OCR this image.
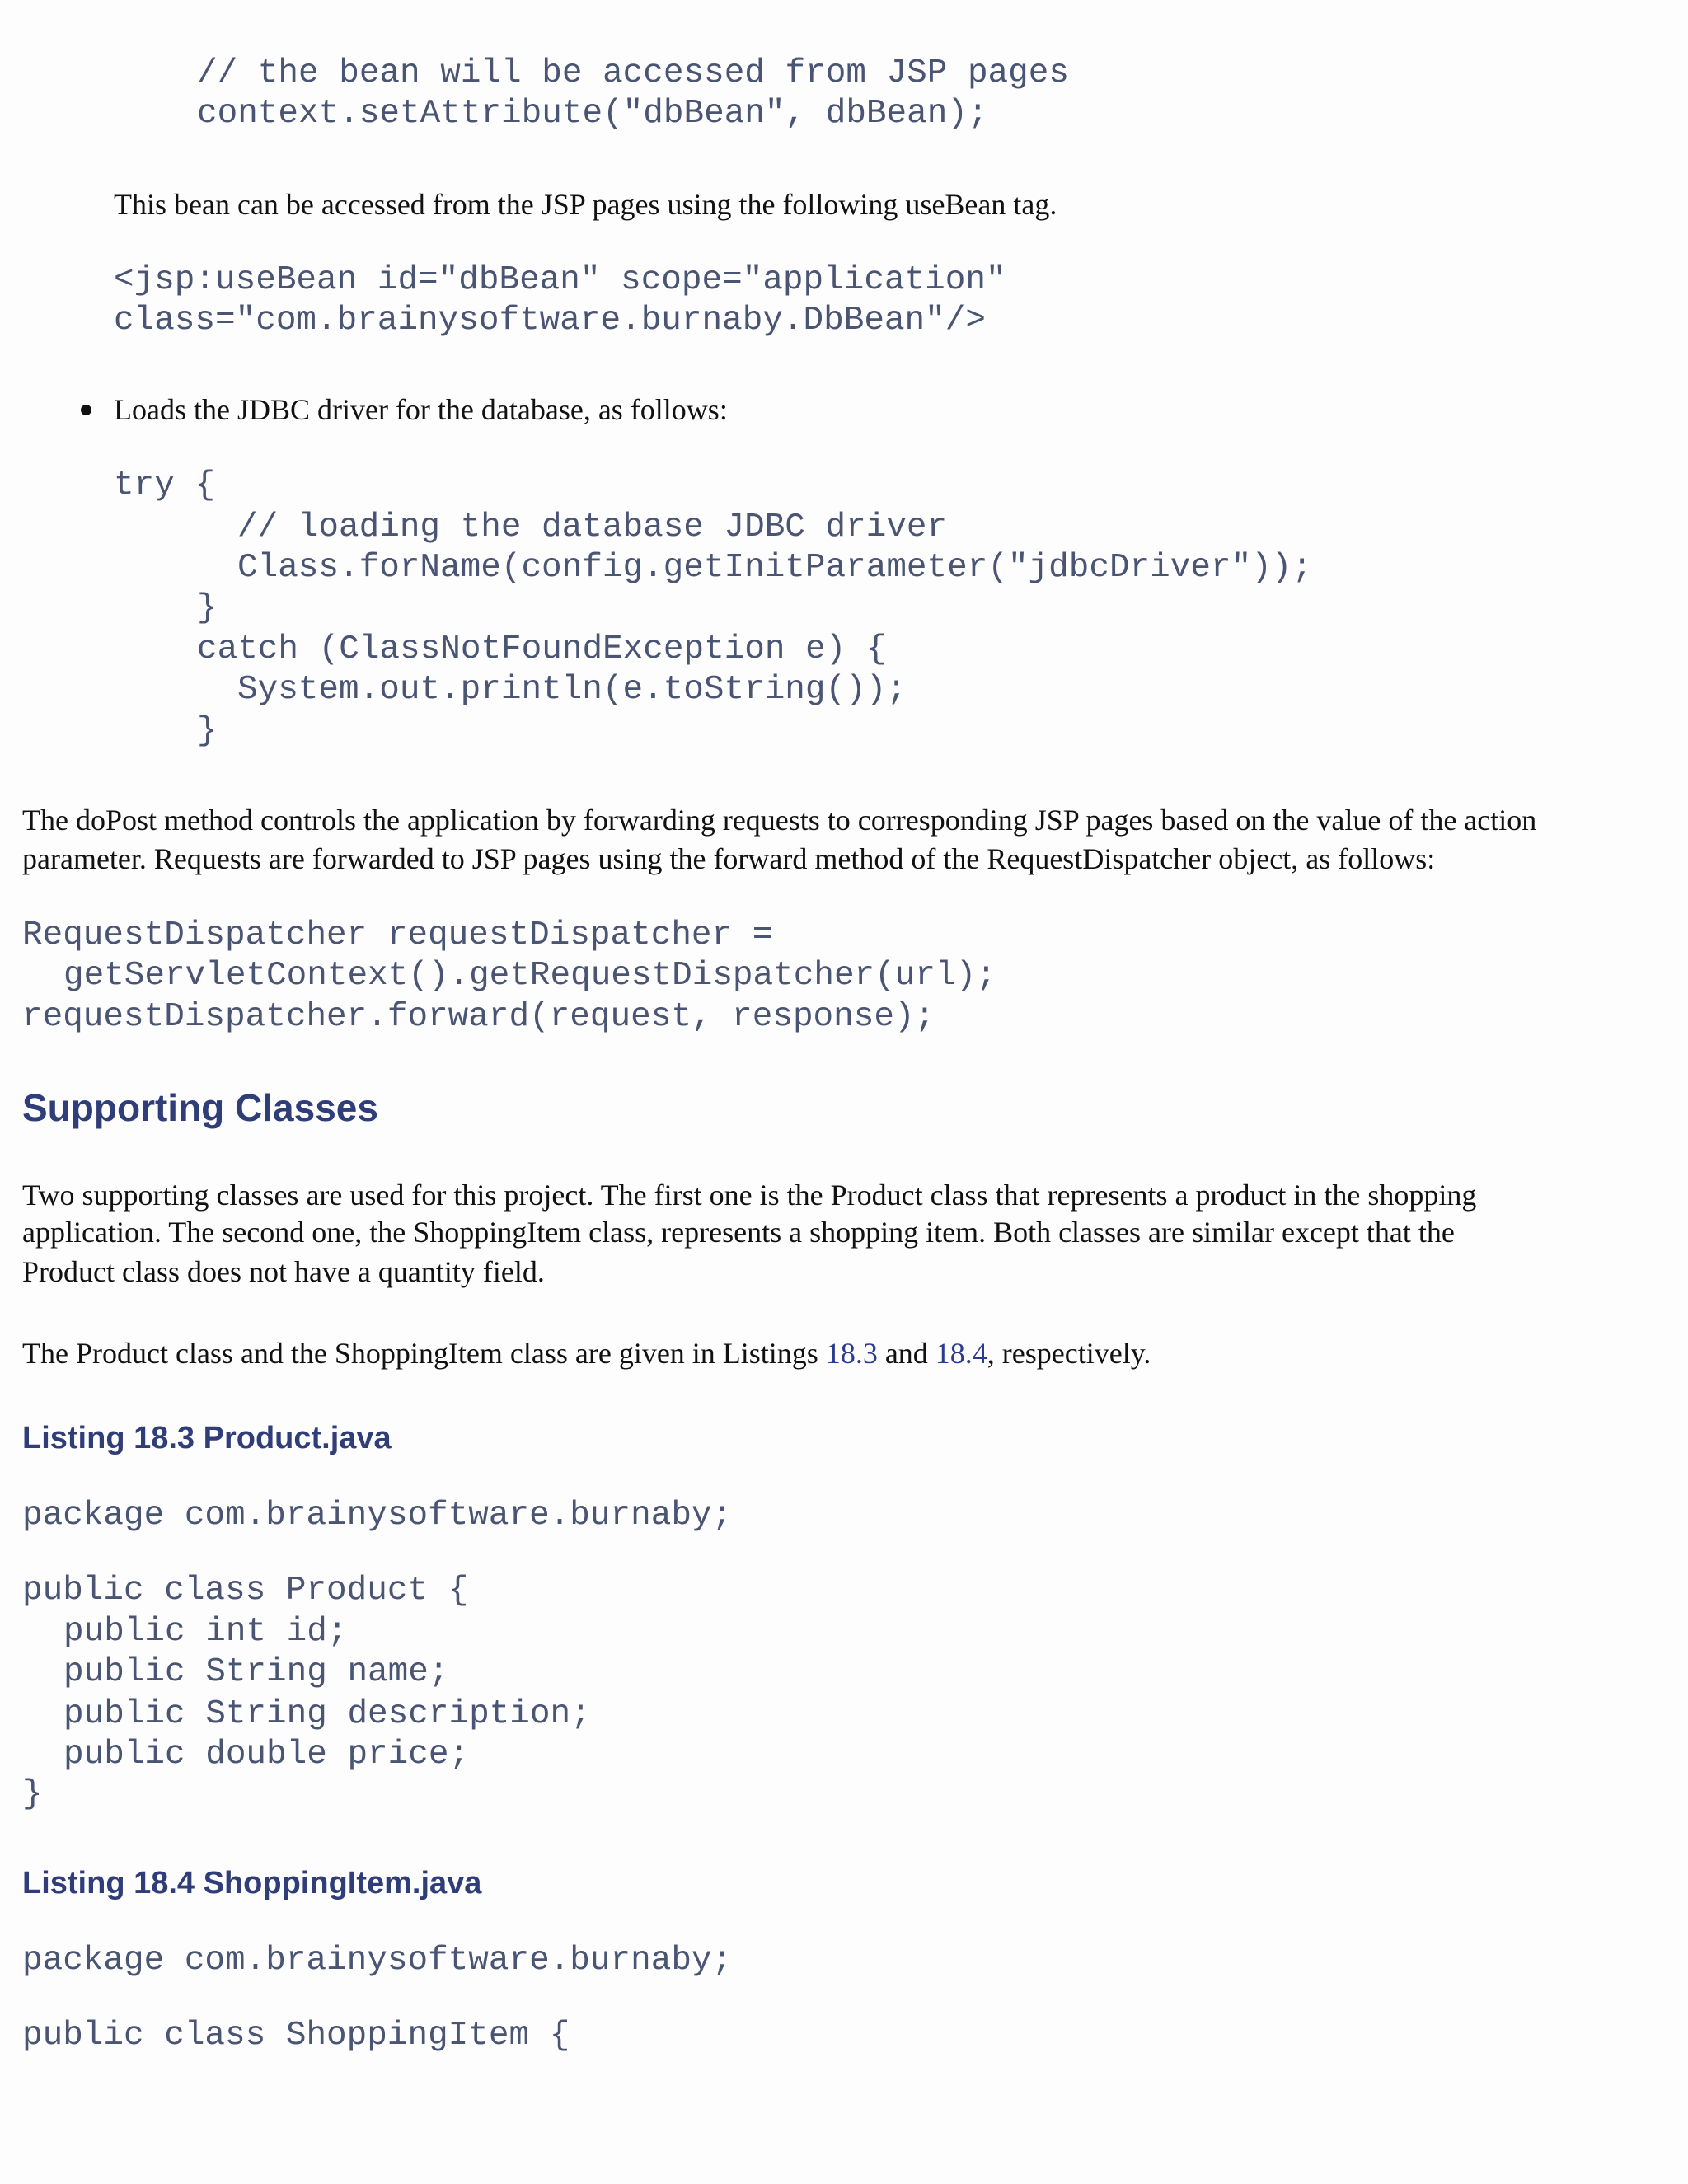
// the bean will be accessed from JSP pages
context.setAttribute("dbBean", dbBean);
This bean can be accessed from the JSP pages using the following useBean tag.
<jsp:useBean id="dbBean" scope="application"
class="com.brainysoftware.burnaby.DbBean"/>
Loads the JDBC driver for the database, as follows:
try {
// loading the database JDBC driver
Class.forName(config.getInitParameter("jdbcDriver"));
}
catch (ClassNotFoundException e) {
System.out.println(e.toString());
}
The doPost method controls the application by forwarding requests to corresponding JSP pages based on the value of the action
parameter. Requests are forwarded to JSP pages using the forward method of the RequestDispatcher object, as follows:
RequestDispatcher requestDispatcher =
getServletContext().getRequestDispatcher(url);
requestDispatcher.forward(request, response);
Supporting Classes
Two supporting classes are used for this project. The first one is the Product class that represents a product in the shopping
application. The second one, the ShoppingItem class, represents a shopping item. Both classes are similar except that the
Product class does not have a quantity field.
The Product class and the ShoppingItem class are given in Listings 18.3 and 18.4, respectively.
Listing 18.3 Product.java
package com.brainysoftware.burnaby;
public class Product {
public int id;
public String name;
public String description;
public double price;
}
Listing 18.4 ShoppingItem.java
package com.brainysoftware.burnaby;
public class ShoppingItem {
